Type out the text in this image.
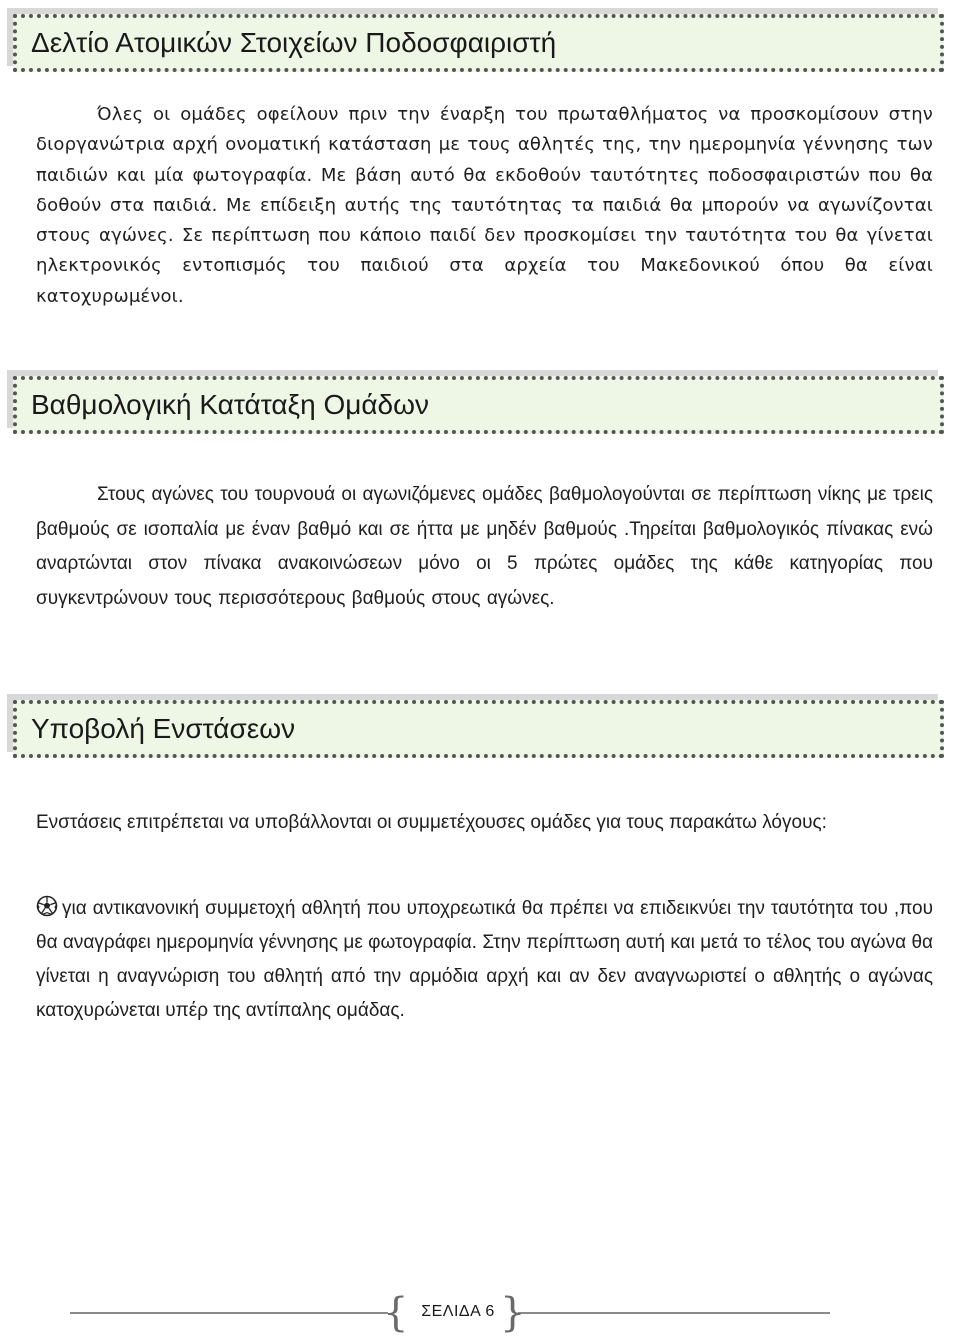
Δελτίο Ατομικών Στοιχείων Ποδοσφαιριστή

Όλες οι ομάδες οφείλουν πριν την έναρξη του πρωταθλήματος να προσκομίσουν στην διοργανώτρια αρχή ονοματική κατάσταση με τους αθλητές της, την ημερομηνία γέννησης των παιδιών και μία φωτογραφία. Με βάση αυτό θα εκδοθούν ταυτότητες ποδοσφαιριστών που θα δοθούν στα παιδιά. Με επίδειξη αυτής της ταυτότητας τα παιδιά θα μπορούν να αγωνίζονται στους αγώνες. Σε περίπτωση που κάποιο παιδί δεν προσκομίσει την ταυτότητα του θα γίνεται ηλεκτρονικός εντοπισμός του παιδιού στα αρχεία του Μακεδονικού όπου θα είναι κατοχυρωμένοι.

Βαθμολογική Κατάταξη Ομάδων

Στους αγώνες του τουρνουά οι αγωνιζόμενες ομάδες βαθμολογούνται σε περίπτωση νίκης με τρεις βαθμούς σε ισοπαλία με έναν βαθμό και σε ήττα με μηδέν βαθμούς .Τηρείται βαθμολογικός πίνακας ενώ αναρτώνται στον πίνακα ανακοινώσεων μόνο οι 5 πρώτες ομάδες της κάθε κατηγορίας που συγκεντρώνουν τους περισσότερους βαθμούς στους αγώνες.

Υποβολή Ενστάσεων

Ενστάσεις επιτρέπεται να υποβάλλονται οι συμμετέχουσες ομάδες για τους παρακάτω λόγους:

για αντικανονική συμμετοχή αθλητή που υποχρεωτικά θα πρέπει να επιδεικνύει την ταυτότητα του ,που θα αναγράφει ημερομηνία γέννησης με φωτογραφία. Στην περίπτωση αυτή και μετά το τέλος του αγώνα θα γίνεται η αναγνώριση του αθλητή από την αρμόδια αρχή και αν δεν αναγνωριστεί ο αθλητής ο αγώνας κατοχυρώνεται υπέρ της αντίπαλης ομάδας.

{ }
ΣΕΛΙΔΑ 6
